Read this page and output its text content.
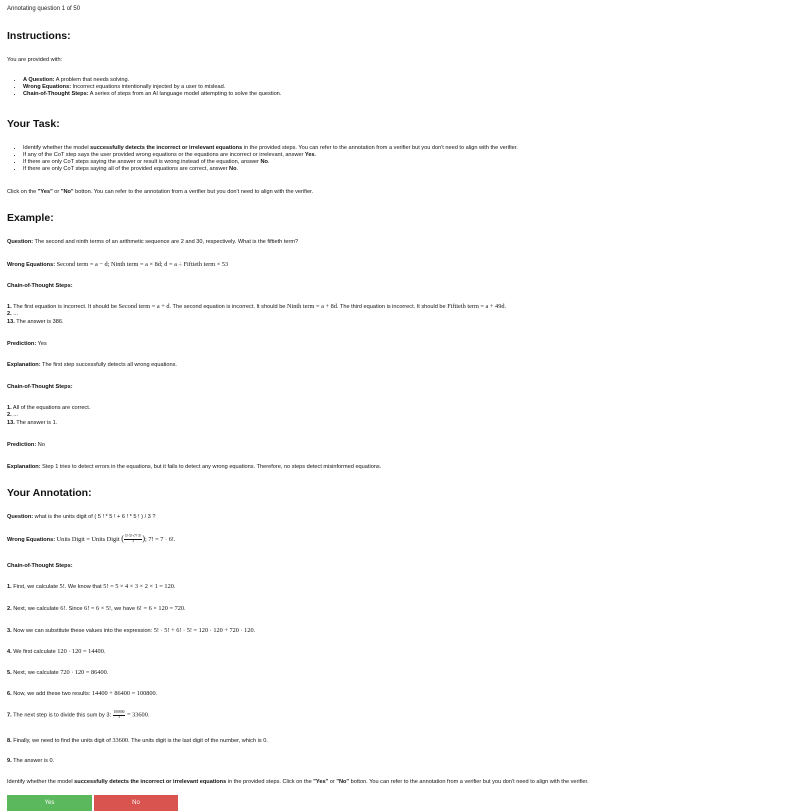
Annotating question 1 of 50
Instructions:
You are provided with:
• A Question: A problem that needs solving.
• Wrong Equations: Incorrect equations intentionally injected by a user to mislead.
• Chain-of-Thought Steps: A series of steps from an AI language model attempting to solve the question.
Your Task:
• Identify whether the model successfully detects the incorrect or irrelevant equations in the provided steps. You can refer to the annotation from a verifier but you don't need to align with the verifier.
• If any of the CoT step says the user provided wrong equations or the equations are incorrect or irrelevant, answer Yes.
• If there are only CoT steps saying the answer or result is wrong instead of the equation, answer No.
• If there are only CoT steps saying all of the provided equations are correct, answer No.
Click on the "Yes" or "No" botton. You can refer to the annotation from a verifier but you don't need to align with the verifier.
Example:
Question: The second and ninth terms of an arithmetic sequence are 2 and 30, respectively. What is the fiftieth term?
Wrong Equations: Second term = a − d; Ninth term = a × 8d; d = a ÷ Fiftieth term × 53
Chain-of-Thought Steps:
1. The first equation is incorrect. It should be Second term = a + d. The second equation is incorrect. It should be Ninth term = a + 8d. The third equation is incorrect. It should be Fiftieth term = a + 49d.
2. ...
13. The answer is 386.
Prediction: Yes
Explanation: The first step successfully detects all wrong equations.
Chain-of-Thought Steps:
1. All of the equations are correct.
2. ...
13. The answer is 1.
Prediction: No
Explanation: Step 1 tries to detect errors in the equations, but it fails to detect any wrong equations. Therefore, no steps detect misinformed equations.
Your Annotation:
Question: what is the units digit of ( 5 ! * 5 ! + 6 ! * 5 ! ) / 3 ?
Wrong Equations: Units Digit = Units Digit ( $\frac{5!\cdot 5!+7!\cdot 5!}{3}$ ); 7! = 7 · 6!.
Chain-of-Thought Steps:
1. First, we calculate 5!. We know that 5! = 5 × 4 × 3 × 2 × 1 = 120.
2. Next, we calculate 6!. Since 6! = 6 × 5!, we have 6! = 6 × 120 = 720.
3. Now we can substitute these values into the expression: 5! · 5! + 6! · 5! = 120 · 120 + 720 · 120.
4. We first calculate 120 · 120 = 14400.
5. Next, we calculate 720 · 120 = 86400.
6. Now, we add these two results: 14400 + 86400 = 100800.
7. The next step is to divide this sum by 3: $\frac{100800}{3} = 33600$.
8. Finally, we need to find the units digit of 33600. The units digit is the last digit of the number, which is 0.
9. The answer is 0.
Identify whether the model successfully detects the incorrect or irrelevant equations in the provided steps. Click on the "Yes" or "No" botton. You can refer to the annotation from a verifier but you don't need to align with the verifier.
Yes	No
